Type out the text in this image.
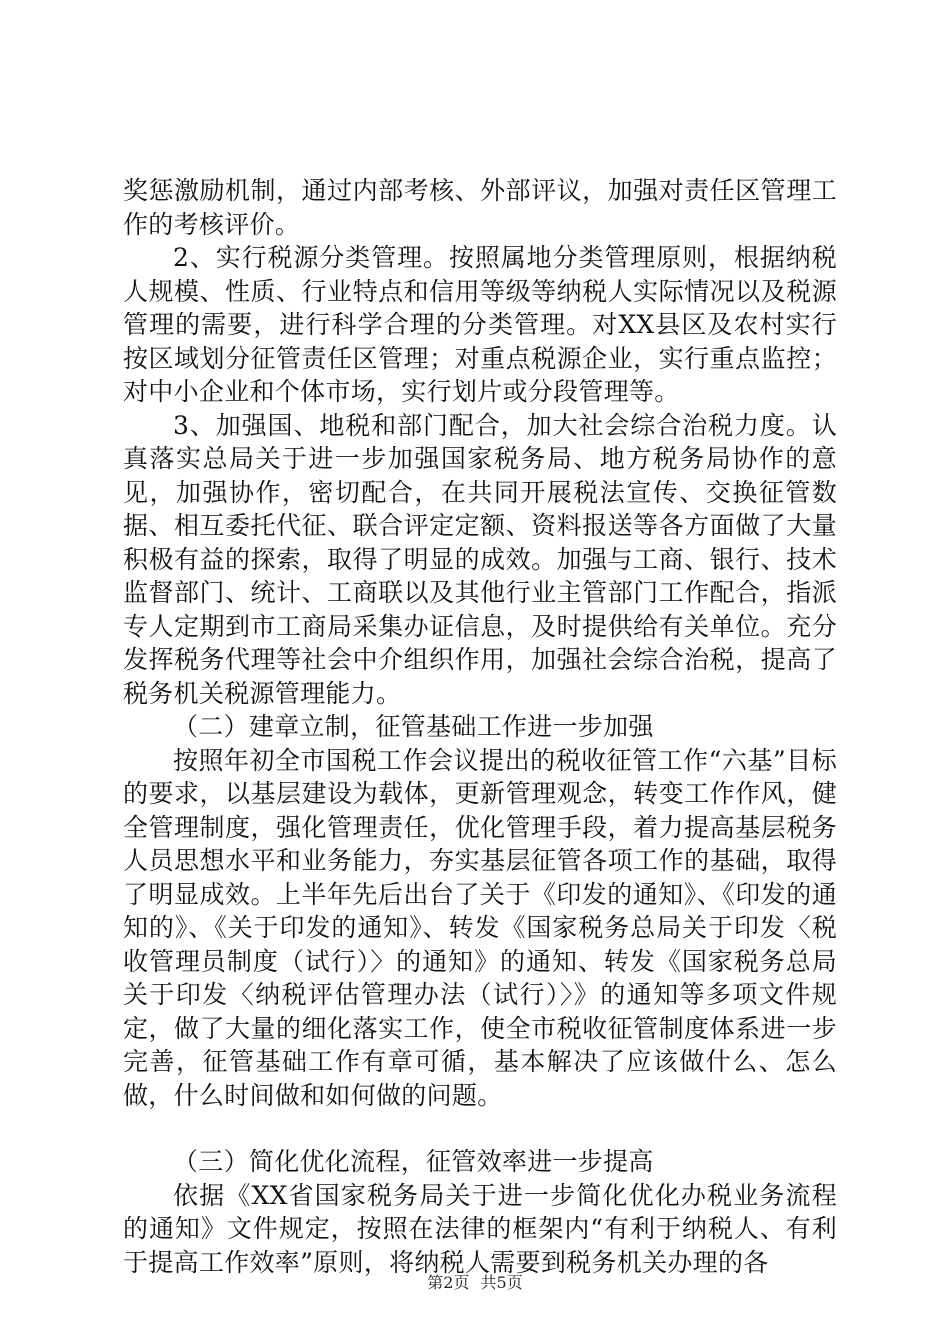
奖惩激励机制，通过内部考核、外部评议，加强对责任区管理工作的考核评价。

2、实行税源分类管理。按照属地分类管理原则，根据纳税人规模、性质、行业特点和信用等级等纳税人实际情况以及税源管理的需要，进行科学合理的分类管理。对XX县区及农村实行按区域划分征管责任区管理；对重点税源企业，实行重点监控；对中小企业和个体市场，实行划片或分段管理等。

3、加强国、地税和部门配合，加大社会综合治税力度。认真落实总局关于进一步加强国家税务局、地方税务局协作的意见，加强协作，密切配合，在共同开展税法宣传、交换征管数据、相互委托代征、联合评定定额、资料报送等各方面做了大量积极有益的探索，取得了明显的成效。加强与工商、银行、技术监督部门、统计、工商联以及其他行业主管部门工作配合，指派专人定期到市工商局采集办证信息，及时提供给有关单位。充分发挥税务代理等社会中介组织作用，加强社会综合治税，提高了税务机关税源管理能力。

（二）建章立制，征管基础工作进一步加强

按照年初全市国税工作会议提出的税收征管工作“六基”目标的要求，以基层建设为载体，更新管理观念，转变工作作风，健全管理制度，强化管理责任，优化管理手段，着力提高基层税务人员思想水平和业务能力，夯实基层征管各项工作的基础，取得了明显成效。上半年先后出台了关于《印发的通知》、《印发的通知的》、《关于印发的通知》、转发《国家税务总局关于印发〈税收管理员制度（试行）〉的通知》的通知、转发《国家税务总局关于印发〈纳税评估管理办法（试行）〉》的通知等多项文件规定，做了大量的细化落实工作，使全市税收征管制度体系进一步完善，征管基础工作有章可循，基本解决了应该做什么、怎么做，什么时间做和如何做的问题。

（三）简化优化流程，征管效率进一步提高

依据《XX省国家税务局关于进一步简化优化办税业务流程的通知》文件规定，按照在法律的框架内“有利于纳税人、有利于提高工作效率”原则，将纳税人需要到税务机关办理的各

第2页 共5页
